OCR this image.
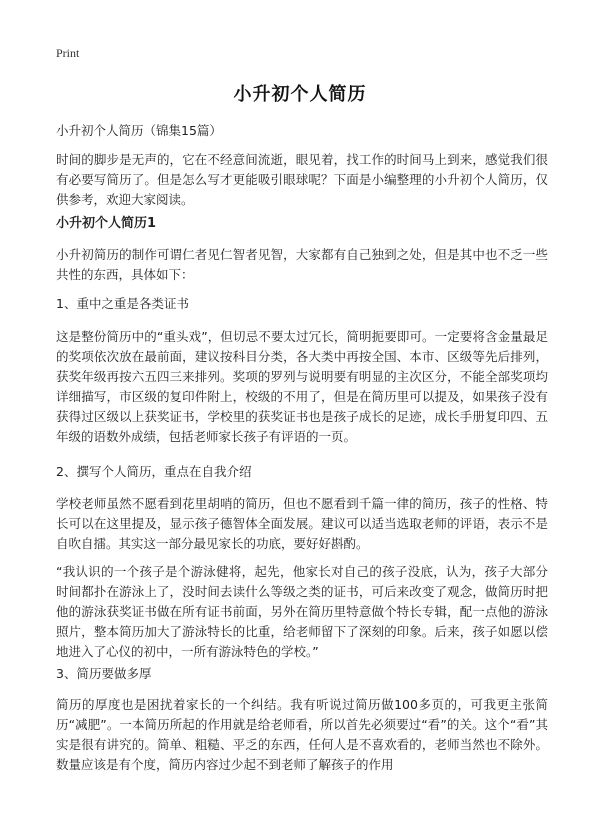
Print
小升初个人简历
小升初个人简历（锦集15篇）
时间的脚步是无声的，它在不经意间流逝，眼见着，找工作的时间马上到来，感觉我们很有必要写简历了。但是怎么写才更能吸引眼球呢？下面是小编整理的小升初个人简历，仅供参考，欢迎大家阅读。
小升初个人简历1
小升初简历的制作可谓仁者见仁智者见智，大家都有自己独到之处，但是其中也不乏一些共性的东西，具体如下：
1、重中之重是各类证书
这是整份简历中的“重头戏”，但切忌不要太过冗长，简明扼要即可。一定要将含金量最足的奖项依次放在最前面，建议按科目分类，各大类中再按全国、本市、区级等先后排列，获奖年级再按六五四三来排列。奖项的罗列与说明要有明显的主次区分，不能全部奖项均详细描写，市区级的复印件附上，校级的不用了，但是在简历里可以提及，如果孩子没有获得过区级以上获奖证书，学校里的获奖证书也是孩子成长的足迹，成长手册复印四、五年级的语数外成绩，包括老师家长孩子有评语的一页。
2、撰写个人简历，重点在自我介绍
学校老师虽然不愿看到花里胡哨的简历，但也不愿看到千篇一律的简历，孩子的性格、特长可以在这里提及，显示孩子德智体全面发展。建议可以适当选取老师的评语，表示不是自吹自擂。其实这一部分最见家长的功底，要好好斟酌。
“我认识的一个孩子是个游泳健将，起先，他家长对自己的孩子没底，认为，孩子大部分时间都扑在游泳上了，没时间去读什么等级之类的证书，可后来改变了观念，做简历时把他的游泳获奖证书做在所有证书前面，另外在简历里特意做个特长专辑，配一点他的游泳照片，整本简历加大了游泳特长的比重，给老师留下了深刻的印象。后来，孩子如愿以偿地进入了心仪的初中，一所有游泳特色的学校。”
3、简历要做多厚
简历的厚度也是困扰着家长的一个纠结。我有听说过简历做100多页的，可我更主张简历“减肥”。一本简历所起的作用就是给老师看，所以首先必须要过“看”的关。这个“看”其实是很有讲究的。简单、粗糙、平乏的东西，任何人是不喜欢看的，老师当然也不除外。数量应该是有个度，简历内容过少起不到老师了解孩子的作用
